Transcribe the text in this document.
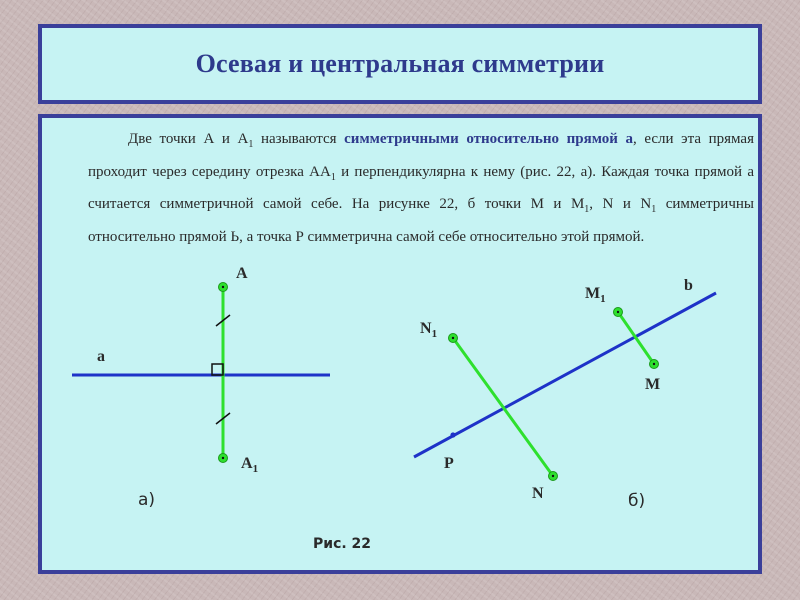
Осевая и центральная симметрии

Две точки А и $А_1$ называются симметричными относительно прямой а, если эта прямая проходит через середину отрезка $АА_1$ и перпендикулярна к нему (рис. 22, а). Каждая точка прямой а считается симметричной самой себе. На рисунке 22, б точки М и $М_1$, N и $N_1$ симметричны относительно прямой Ь, а точка Р симметрична самой себе относительно этой прямой.

а
А
$А_1$
а)
b
$M_1$
M
$N_1$
N
P
б)
Рис. 22
